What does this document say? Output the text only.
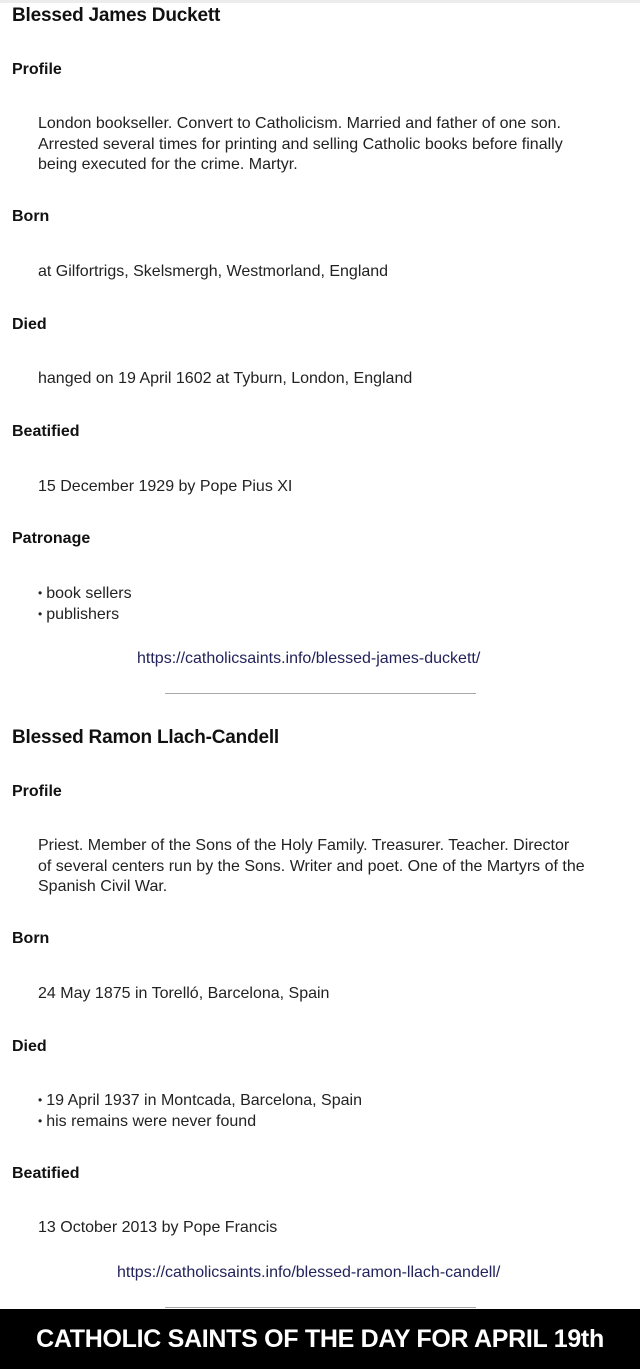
Blessed James Duckett
Profile
London bookseller. Convert to Catholicism. Married and father of one son.
Arrested several times for printing and selling Catholic books before finally
being executed for the crime. Martyr.
Born
at Gilfortrigs, Skelsmergh, Westmorland, England
Died
hanged on 19 April 1602 at Tyburn, London, England
Beatified
15 December 1929 by Pope Pius XI
Patronage
• book sellers
• publishers
https://catholicsaints.info/blessed-james-duckett/
Blessed Ramon Llach-Candell
Profile
Priest. Member of the Sons of the Holy Family. Treasurer. Teacher. Director
of several centers run by the Sons. Writer and poet. One of the Martyrs of the
Spanish Civil War.
Born
24 May 1875 in Torelló, Barcelona, Spain
Died
• 19 April 1937 in Montcada, Barcelona, Spain
• his remains were never found
Beatified
13 October 2013 by Pope Francis
https://catholicsaints.info/blessed-ramon-llach-candell/
CATHOLIC SAINTS OF THE DAY FOR APRIL 19th
